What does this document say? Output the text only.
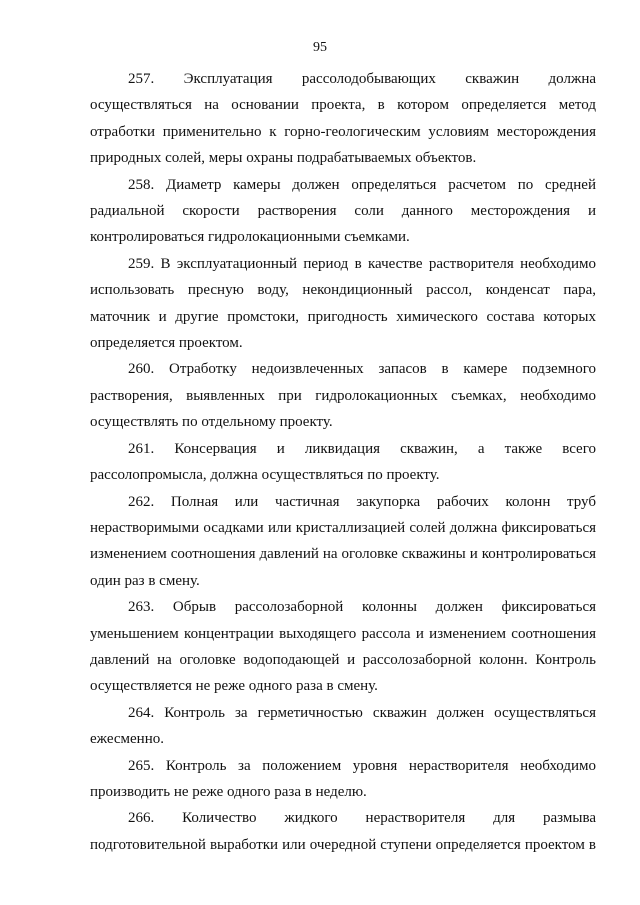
95
257. Эксплуатация рассолодобывающих скважин должна
осуществляться на основании проекта, в котором определяется метод
отработки применительно к горно-геологическим условиям месторождения
природных солей, меры охраны подрабатываемых объектов.
258. Диаметр камеры должен определяться расчетом по средней
радиальной скорости растворения соли данного месторождения и
контролироваться гидролокационными съемками.
259. В эксплуатационный период в качестве растворителя необходимо
использовать пресную воду, некондиционный рассол, конденсат пара,
маточник и другие промстоки, пригодность химического состава которых
определяется проектом.
260. Отработку недоизвлеченных запасов в камере подземного
растворения, выявленных при гидролокационных съемках, необходимо
осуществлять по отдельному проекту.
261. Консервация и ликвидация скважин, а также всего
рассолопромысла, должна осуществляться по проекту.
262. Полная или частичная закупорка рабочих колонн труб
нерастворимыми осадками или кристаллизацией солей должна фиксироваться
изменением соотношения давлений на оголовке скважины и контролироваться
один раз в смену.
263. Обрыв рассолозаборной колонны должен фиксироваться
уменьшением концентрации выходящего рассола и изменением соотношения
давлений на оголовке водоподающей и рассолозаборной колонн. Контроль
осуществляется не реже одного раза в смену.
264. Контроль за герметичностью скважин должен осуществляться
ежесменно.
265. Контроль за положением уровня нерастворителя необходимо
производить не реже одного раза в неделю.
266. Количество жидкого нерастворителя для размыва
подготовительной выработки или очередной ступени определяется проектом в
